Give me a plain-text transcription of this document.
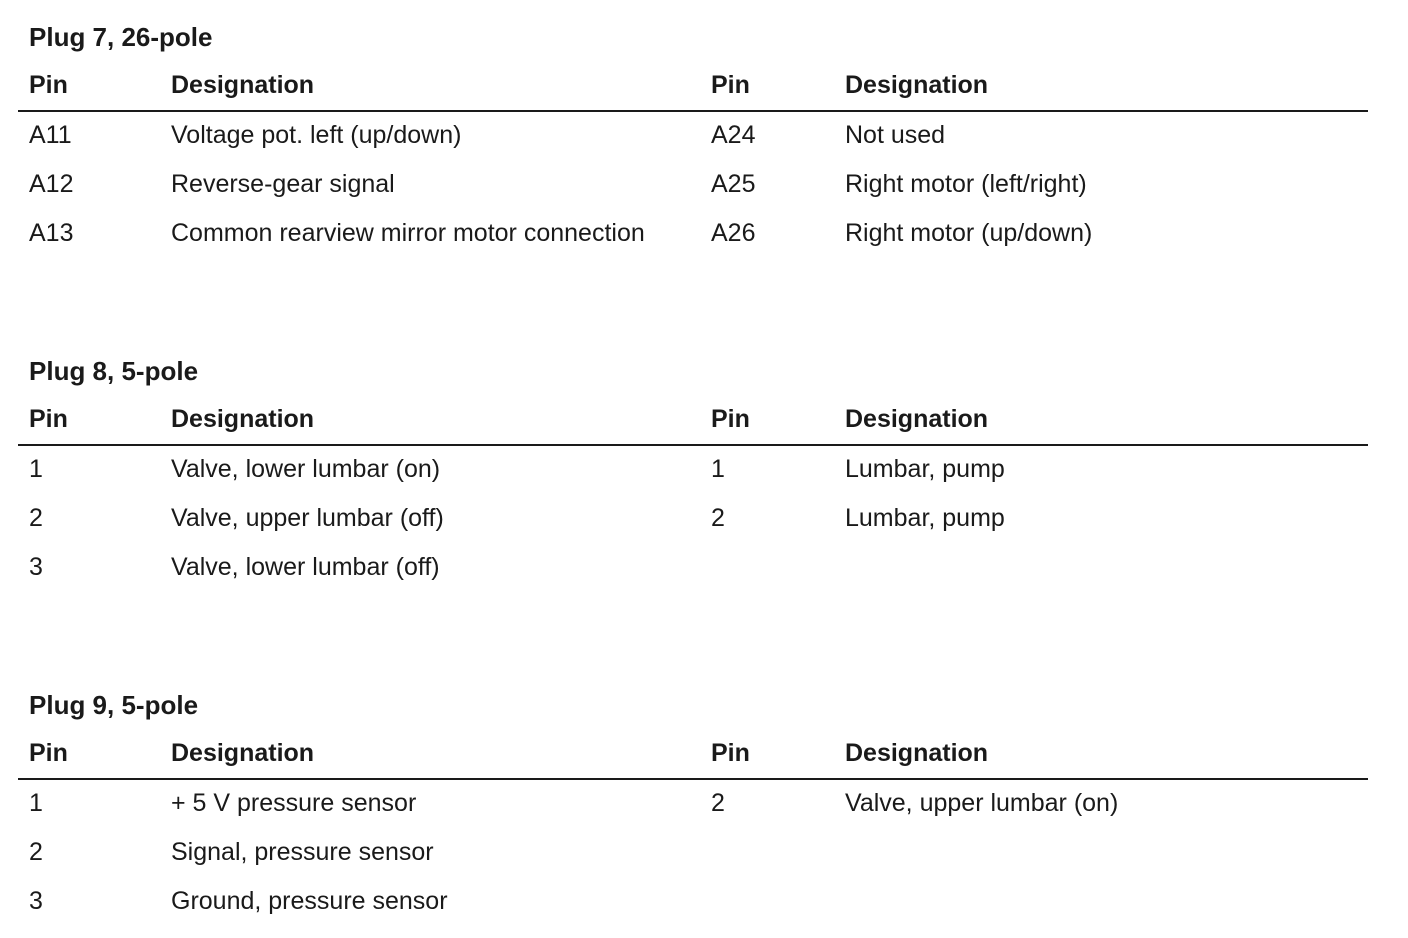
Plug 7, 26-pole
Pin	Designation	Pin	Designation
A11	Voltage pot. left (up/down)	A24	Not used
A12	Reverse-gear signal	A25	Right motor (left/right)
A13	Common rearview mirror motor connection	A26	Right motor (up/down)
Plug 8, 5-pole
Pin	Designation	Pin	Designation
1	Valve, lower lumbar (on)	1	Lumbar, pump
2	Valve, upper lumbar (off)	2	Lumbar, pump
3	Valve, lower lumbar (off)
Plug 9, 5-pole
Pin	Designation	Pin	Designation
1	+ 5 V pressure sensor	2	Valve, upper lumbar (on)
2	Signal, pressure sensor
3	Ground, pressure sensor
